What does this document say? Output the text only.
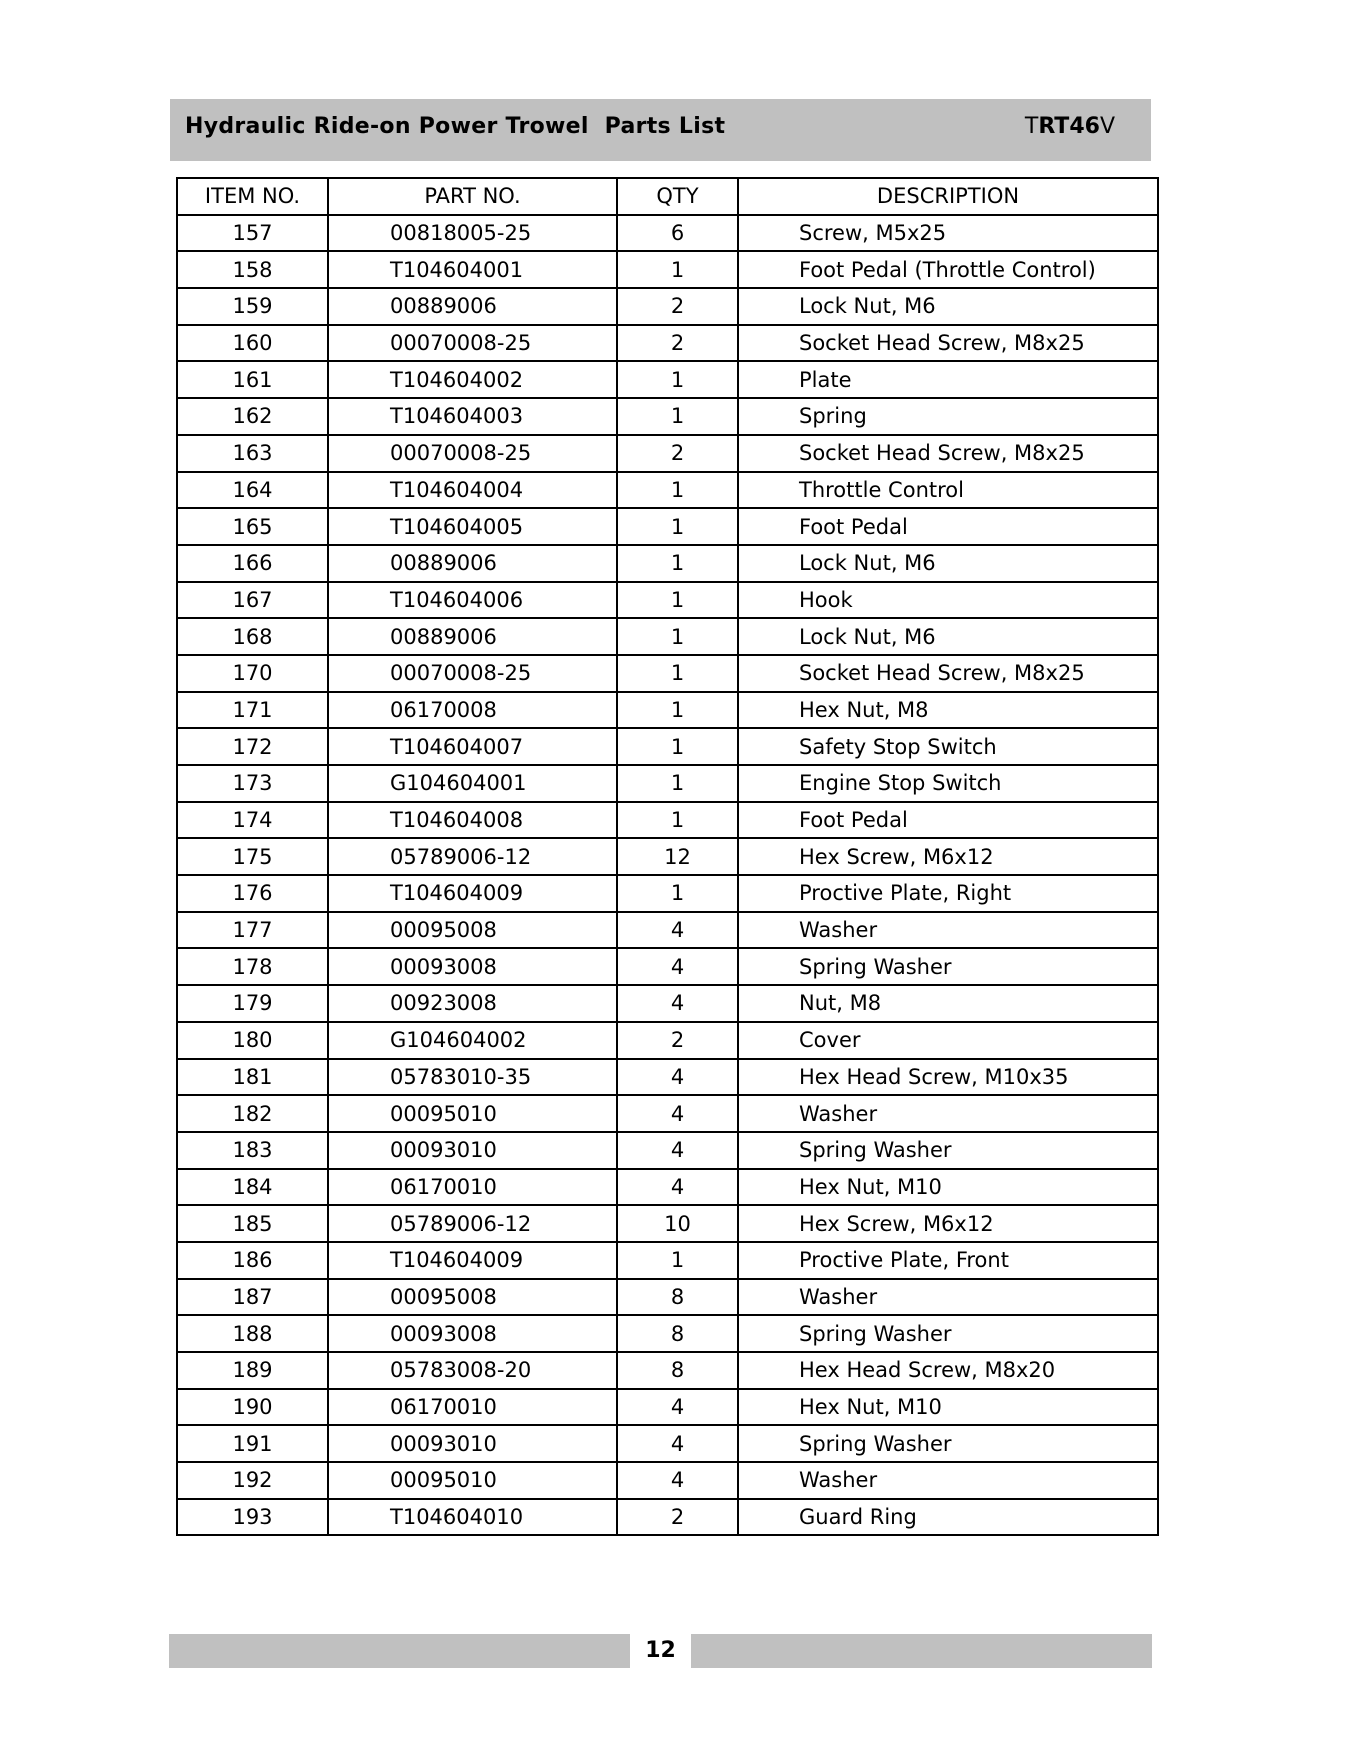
Hydraulic Ride-on Power Trowel  Parts List	TRT46V
ITEM NO.	PART NO.	QTY	DESCRIPTION
157	00818005-25	6	Screw, M5x25
158	T104604001	1	Foot Pedal (Throttle Control)
159	00889006	2	Lock Nut, M6
160	00070008-25	2	Socket Head Screw, M8x25
161	T104604002	1	Plate
162	T104604003	1	Spring
163	00070008-25	2	Socket Head Screw, M8x25
164	T104604004	1	Throttle Control
165	T104604005	1	Foot Pedal
166	00889006	1	Lock Nut, M6
167	T104604006	1	Hook
168	00889006	1	Lock Nut, M6
170	00070008-25	1	Socket Head Screw, M8x25
171	06170008	1	Hex Nut, M8
172	T104604007	1	Safety Stop Switch
173	G104604001	1	Engine Stop Switch
174	T104604008	1	Foot Pedal
175	05789006-12	12	Hex Screw, M6x12
176	T104604009	1	Proctive Plate, Right
177	00095008	4	Washer
178	00093008	4	Spring Washer
179	00923008	4	Nut, M8
180	G104604002	2	Cover
181	05783010-35	4	Hex Head Screw, M10x35
182	00095010	4	Washer
183	00093010	4	Spring Washer
184	06170010	4	Hex Nut, M10
185	05789006-12	10	Hex Screw, M6x12
186	T104604009	1	Proctive Plate, Front
187	00095008	8	Washer
188	00093008	8	Spring Washer
189	05783008-20	8	Hex Head Screw, M8x20
190	06170010	4	Hex Nut, M10
191	00093010	4	Spring Washer
192	00095010	4	Washer
193	T104604010	2	Guard Ring
12
